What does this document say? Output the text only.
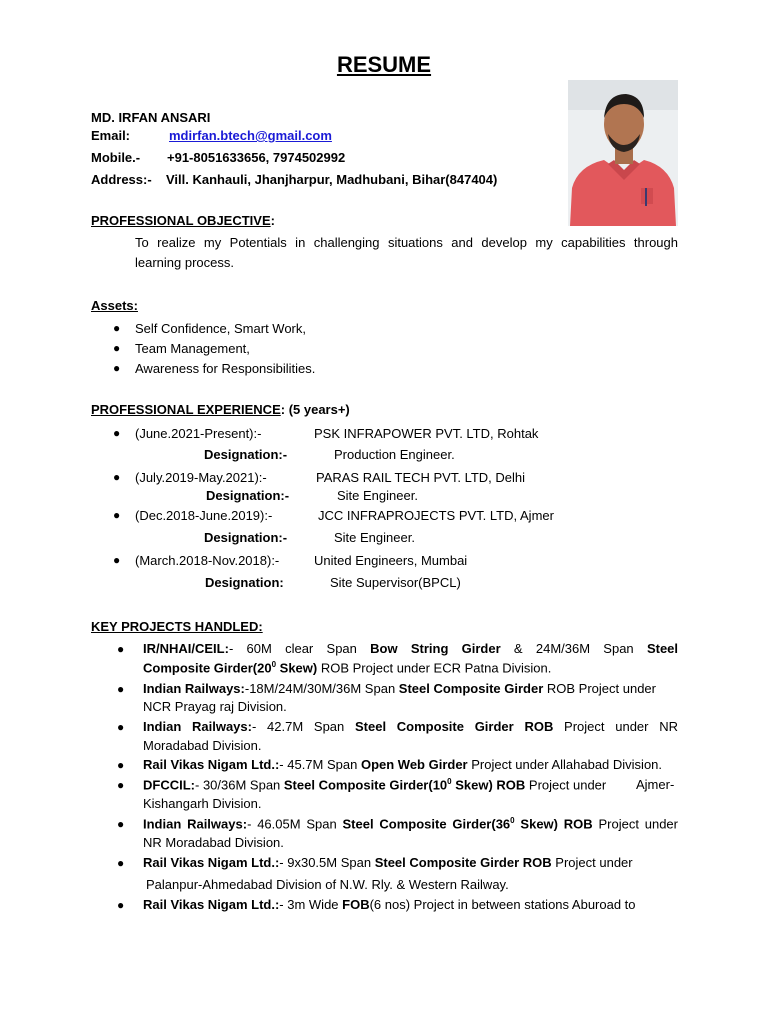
RESUME
MD. IRFAN ANSARI
Email:	mdirfan.btech@gmail.com
Mobile.- +91-8051633656, 7974502992
Address:- Vill. Kanhauli, Jhanjharpur, Madhubani, Bihar(847404)
PROFESSIONAL OBJECTIVE:
To realize my Potentials in challenging situations and develop my capabilities through
learning process.
Assets:
● Self Confidence, Smart Work,
● Team Management,
● Awareness for Responsibilities.
PROFESSIONAL EXPERIENCE: (5 years+)
● (June.2021-Present):-	PSK INFRAPOWER PVT. LTD, Rohtak
Designation:-	Production Engineer.
● (July.2019-May.2021):-	PARAS RAIL TECH PVT. LTD, Delhi
Designation:-	Site Engineer.
● (Dec.2018-June.2019):-	JCC INFRAPROJECTS PVT. LTD, Ajmer
Designation:-	Site Engineer.
● (March.2018-Nov.2018):-	United Engineers, Mumbai
Designation:	Site Supervisor(BPCL)
KEY PROJECTS HANDLED:
● IR/NHAI/CEIL:- 60M clear Span Bow String Girder & 24M/36M Span Steel
Composite $Girder(20^0$ Skew) ROB Project under ECR Patna Division.
● Indian Railways:-18M/24M/30M/36M Span Steel Composite Girder ROB Project under
NCR Prayag raj Division.
● Indian Railways:- 42.7M Span Steel Composite Girder ROB Project under NR
Moradabad Division.
● Rail Vikas Nigam Ltd.:- 45.7M Span Open Web Girder Project under Allahabad Division.
● DFCCIL:- 30/36M Span Steel Composite $Girder(10^0$ Skew) ROB Project under Ajmer-
Kishangarh Division.
● Indian Railways:- 46.05M Span Steel Composite $Girder(36^0$ Skew) ROB Project under
NR Moradabad Division.
● Rail Vikas Nigam Ltd.:- 9x30.5M Span Steel Composite Girder ROB Project under
Palanpur-Ahmedabad Division of N.W. Rly. & Western Railway.
● Rail Vikas Nigam Ltd.:- 3m Wide FOB(6 nos) Project in between stations Aburoad to
